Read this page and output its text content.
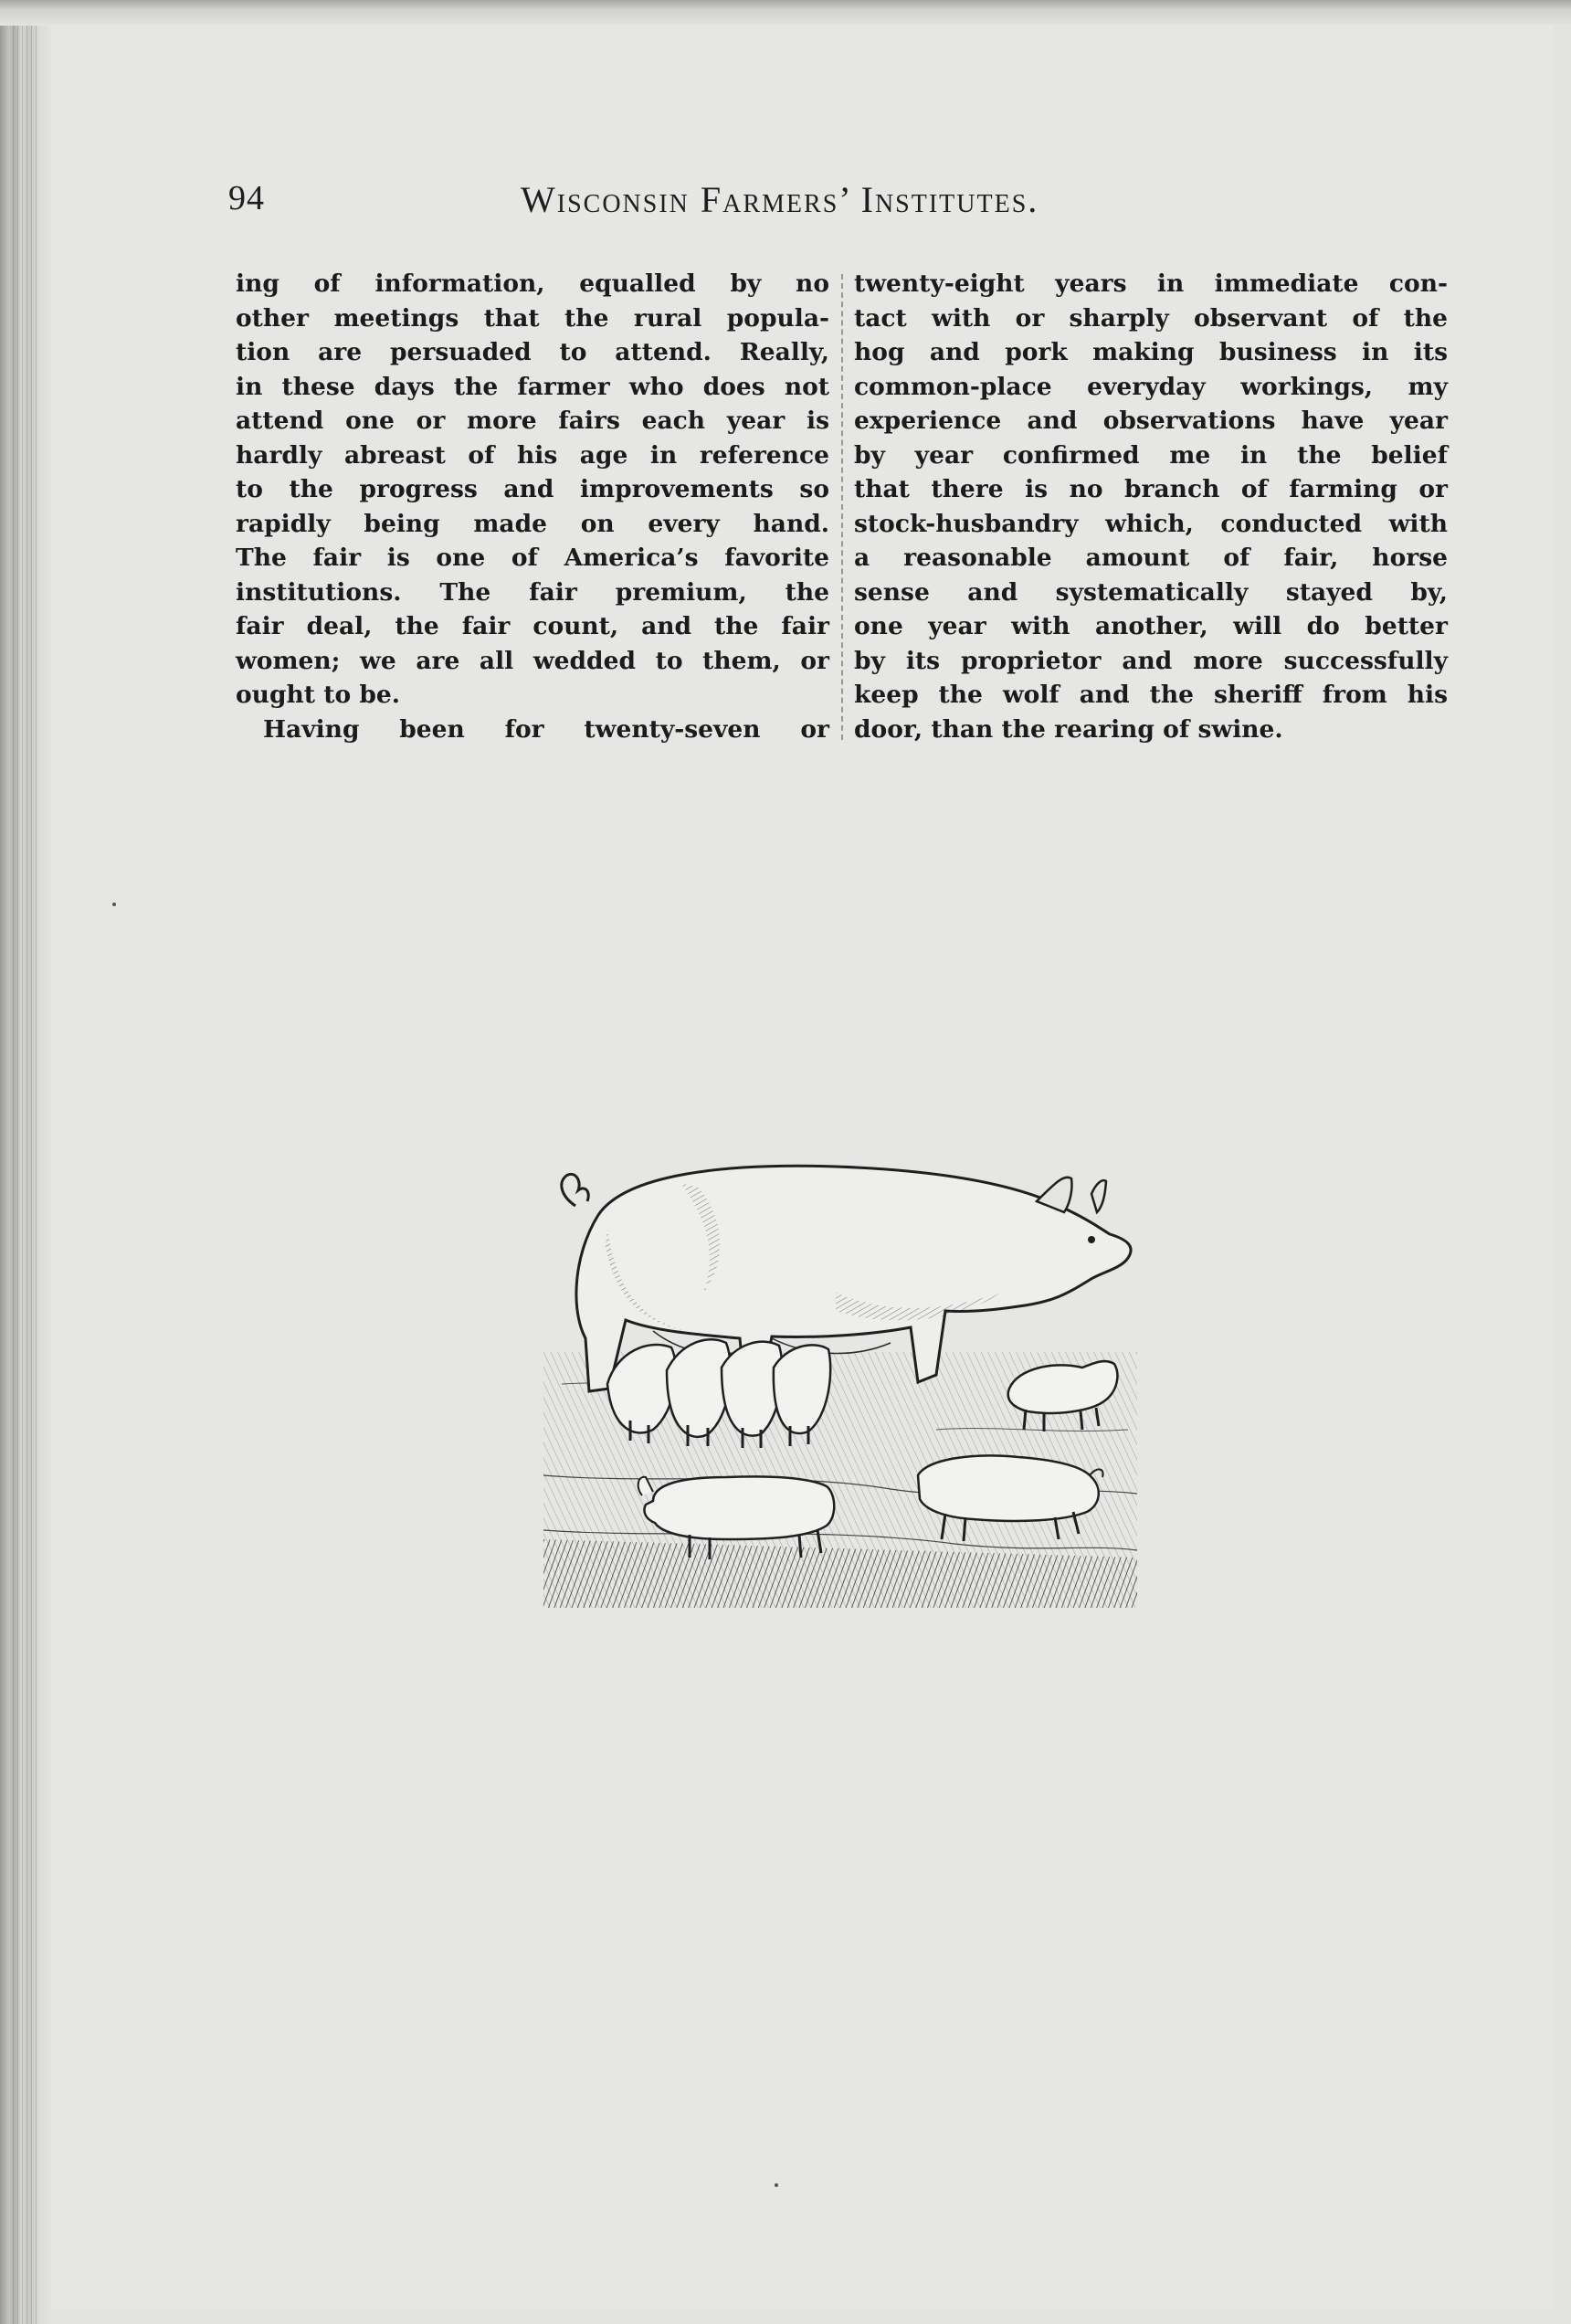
94	Wisconsin Farmers’ Institutes.
ing of information, equalled by no
other meetings that the rural popula-
tion are persuaded to attend. Really,
in these days the farmer who does not
attend one or more fairs each year is
hardly abreast of his age in reference
to the progress and improvements so
rapidly being made on every hand.
The fair is one of America’s favorite
institutions. The fair premium, the
fair deal, the fair count, and the fair
women; we are all wedded to them, or
ought to be.
Having been for twenty-seven or
twenty-eight years in immediate con-
tact with or sharply observant of the
hog and pork making business in its
common-place everyday workings, my
experience and observations have year
by year confirmed me in the belief
that there is no branch of farming or
stock-husbandry which, conducted with
a reasonable amount of fair, horse
sense and systematically stayed by,
one year with another, will do better
by its proprietor and more successfully
keep the wolf and the sheriff from his
door, than the rearing of swine.
